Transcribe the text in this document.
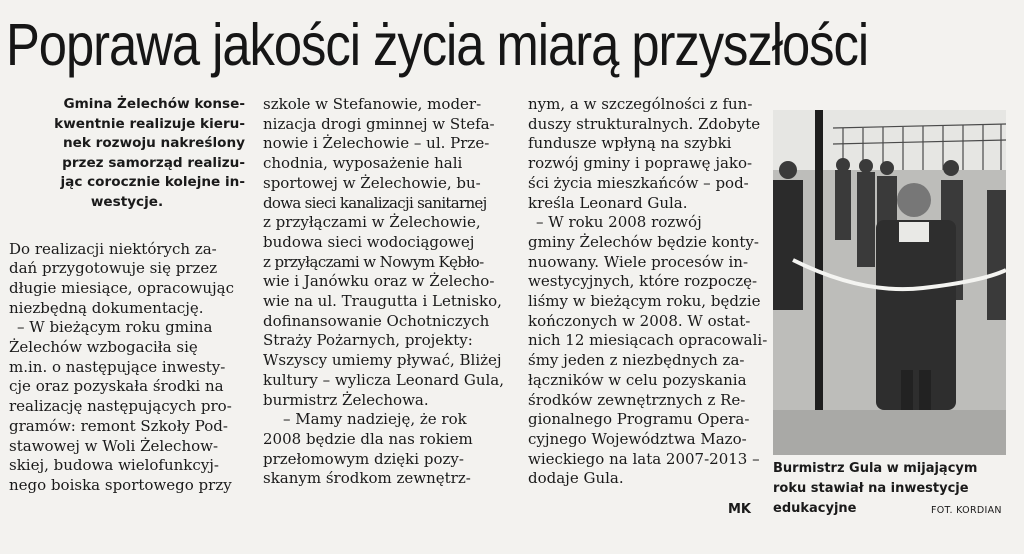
Poprawa jakości życia miarą przyszłości
Gmina Żelechów konse-
kwentnie realizuje kieru-
nek rozwoju nakreślony
przez samorząd realizu-
jąc corocznie kolejne in-
westycje.
Do realizacji niektórych za-
dań przygotowuje się przez
długie miesiące, opracowując
niezbędną dokumentację.
– W bieżącym roku gmina
Żelechów wzbogaciła się
m.in. o następujące inwesty-
cje oraz pozyskała środki na
realizację następujących pro-
gramów: remont Szkoły Pod-
stawowej w Woli Żelechow-
skiej, budowa wielofunkcyj-
nego boiska sportowego przy
szkole w Stefanowie, moder-
nizacja drogi gminnej w Stefa-
nowie i Żelechowie – ul. Prze-
chodnia, wyposażenie hali
sportowej w Żelechowie, bu-
dowa sieci kanalizacji sanitarnej
z przyłączami w Żelechowie,
budowa sieci wodociągowej
z przyłączami w Nowym Kębło-
wie i Janówku oraz w Żelecho-
wie na ul. Traugutta i Letnisko,
dofinansowanie Ochotniczych
Straży Pożarnych, projekty:
Wszyscy umiemy pływać, Bliżej
kultury – wylicza Leonard Gula,
burmistrz Żelechowa.
– Mamy nadzieję, że rok
2008 będzie dla nas rokiem
przełomowym dzięki pozy-
skanym środkom zewnętrz-
nym, a w szczególności z fun-
duszy strukturalnych. Zdobyte
fundusze wpłyną na szybki
rozwój gminy i poprawę jako-
ści życia mieszkańców – pod-
kreśla Leonard Gula.
– W roku 2008 rozwój
gminy Żelechów będzie konty-
nuowany. Wiele procesów in-
westycyjnych, które rozpoczę-
liśmy w bieżącym roku, będzie
kończonych w 2008. W ostat-
nich 12 miesiącach opracowali-
śmy jeden z niezbędnych za-
łączników w celu pozyskania
środków zewnętrznych z Re-
gionalnego Programu Opera-
cyjnego Województwa Mazo-
wieckiego na lata 2007-2013 –
dodaje Gula.
MK
Burmistrz Gula w mijającym
roku stawiał na inwestycje
edukacyjne	FOT. KORDIAN
